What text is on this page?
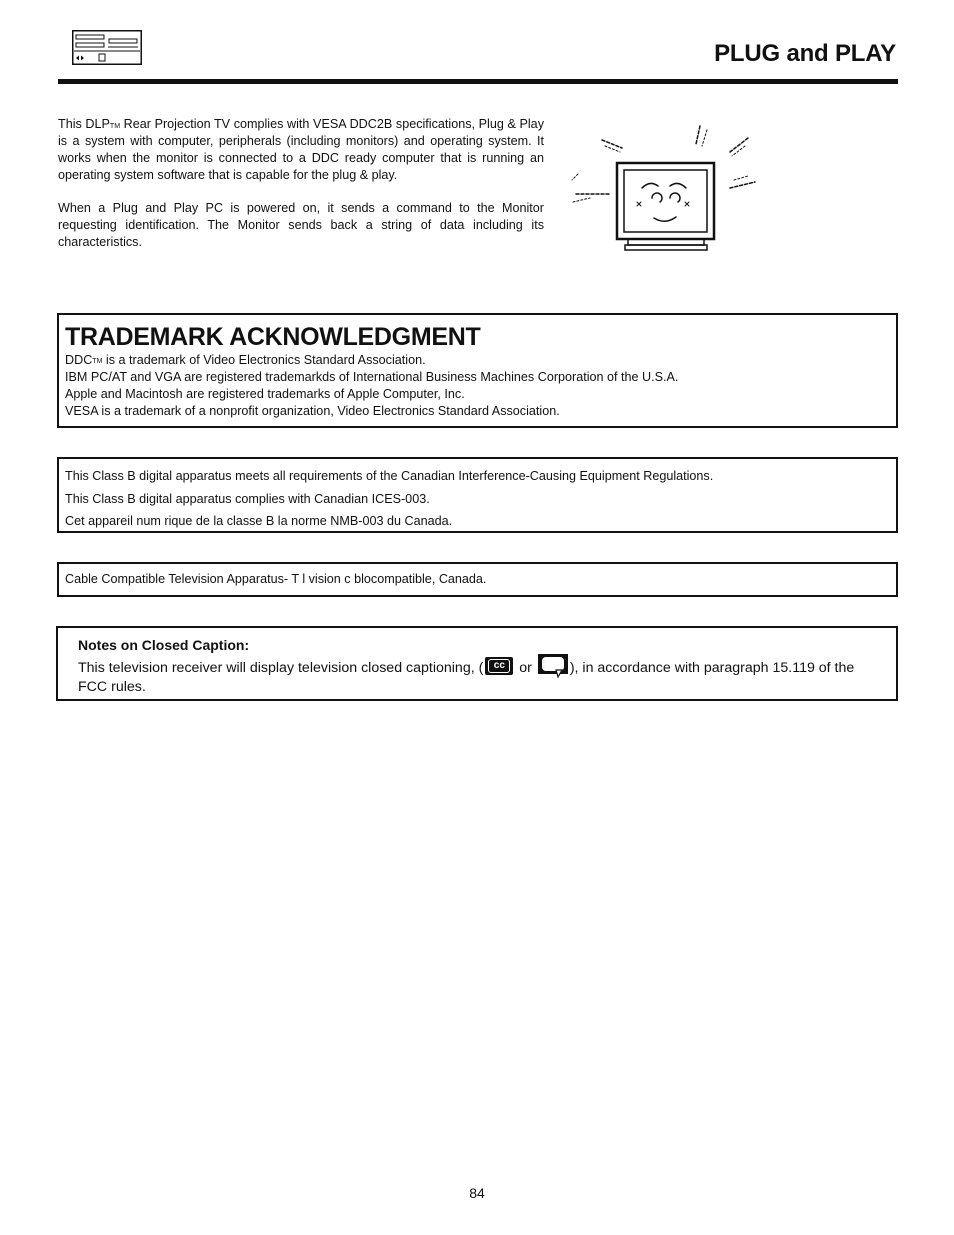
PLUG and PLAY

This DLP™ Rear Projection TV complies with VESA DDC2B specifications, Plug & Play is a system with computer, peripherals (including monitors) and operating system. It works when the monitor is connected to a DDC ready computer that is running an operating system software that is capable for the plug & play.

When a Plug and Play PC is powered on, it sends a command to the Monitor requesting identification. The Monitor sends back a string of data including its characteristics.

TRADEMARK ACKNOWLEDGMENT

DDC™ is a trademark of Video Electronics Standard Association.

IBM PC/AT and VGA are registered trademarkds of International Business Machines Corporation of the U.S.A.

Apple and Macintosh are registered trademarks of Apple Computer, Inc.

VESA is a trademark of a nonprofit organization, Video Electronics Standard Association.

This Class B digital apparatus meets all requirements of the Canadian Interference-Causing Equipment Regulations.

This Class B digital apparatus complies with Canadian ICES-003.

Cet appareil num rique de la classe B la norme NMB-003 du Canada.

Cable Compatible Television Apparatus- T l vision c blocompatible, Canada.

Notes on Closed Caption:

This television receiver will display television closed captioning, (	cc or ), in accordance with paragraph 15.119 of the FCC rules.

84
